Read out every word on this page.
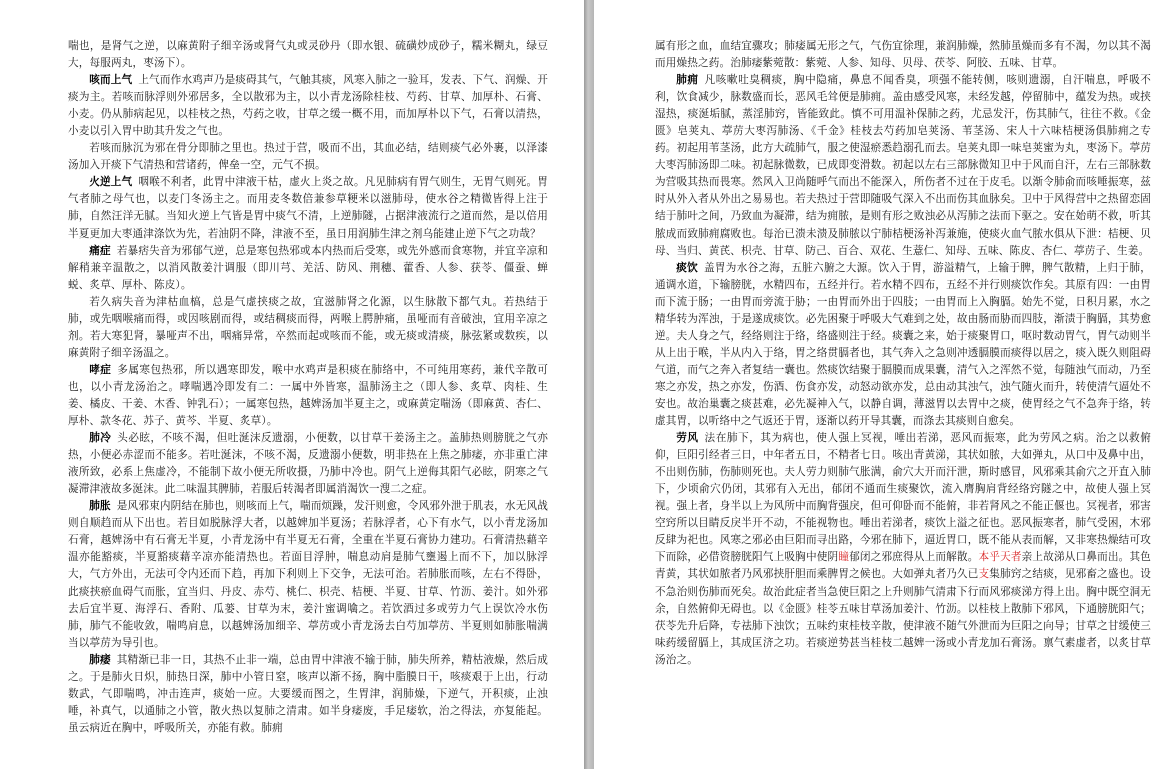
喘也，是肾气之逆，以麻黄附子细辛汤或肾气丸或灵砂丹（即水银、硫磺炒成砂子，糯米糊丸，绿豆大，每服两丸，枣汤下）。

咳而上气 上气而作水鸡声乃是痰碍其气，气触其痰，风寒入肺之一验耳，发表、下气、润燥、开痰为主。若咳而脉浮则外邪居多，全以散邪为主，以小青龙汤除桂枝、芍药、甘草、加厚朴、石膏、小麦。仍从肺病起见，以桂枝之热，芍药之收，甘草之缓一概不用，而加厚朴以下气，石膏以清热，小麦以引入胃中助其升发之气也。

若咳而脉沉为邪在骨分即肺之里也。热过于营，吸而不出，其血必结，结则痰气必外裹，以泽漆汤加入开痰下气清热和营诸药，俾垒一空，元气不损。

火逆上气 咽喉不利者，此胃中津液干枯，虚火上炎之故。凡见肺病有胃气则生，无胃气则死。胃气者肺之母气也，以麦门冬汤主之。而用麦冬数倍兼参草粳米以滋肺母，使水谷之精微皆得上注于肺，自然汪洋无腻。当知火逆上气皆是胃中痰气不清，上逆肺隧，占据津液流行之道而然，是以倍用半夏更加大枣通津涤饮为先，若油阴不降，津液不至，虽日用润肺生津之剂乌能建止逆下气之功哉？

痛症 若暴痞失音为邪郁气逆，总是寒包热邪或本内热而后受寒，或先外感而食寒物，并宜辛凉和解稍兼辛温散之，以消风散姜汁调服（即川芎、羌活、防风、荆穗、藿香、人参、获苓、僵蚕、蝉蜕、炙草、厚朴、陈皮）。

若久病失音为津枯血槁，总是气虚挟痰之故，宜滋肺肾之化源，以生脉散下都气丸。若热结于肺，或先咽喉痛而得，或因咳剧而得，或结稠痰而得，两喉上腭肿痛，虽哑而有音破浊，宜用辛凉之剂。若大寒犯肾，暴哑声不出，咽痛异常，卒然而起或咳而不能，或无痰或清痰，脉弦紧或数疾，以麻黄附子细辛汤温之。

哮症 多属寒包热邪，所以遇寒即发，喉中水鸡声是积痰在肺络中，不可纯用寒药，兼代辛散可也，以小青龙汤治之。哮喘遇冷即发有二：一属中外皆寒，温肺汤主之（即人参、炙草、肉桂、生姜、橘皮、干姜、木香、钟乳石）；一属寒包热，越婢汤加半夏主之，或麻黄定喘汤（即麻黄、杏仁、厚朴、款冬花、苏子、黄芩、半夏、炙草）。

肺冷 头必眩，不咳不渴，但吐涎沫反遗溺，小便数，以甘草干姜汤主之。盖肺热则膀胱之气亦热，小便必赤涩而不能多。若吐涎沫，不咳不渴，反遗溺小便数，明非热在上焦之肺痿，亦非重亡津液所致，必系上焦虚冷，不能制下故小便无所收摄，乃肺中冷也。阴气上逆侮其阳气必眩，阴寒之气凝滞津液故多涎沫。此二味温其脾肺，若服后转渴者即属消渴饮一溲二之症。

肺胀 是风邪束内阴结在肺也，则咳而上气，喘而烦躁，发汗则愈，令风邪外泄于肌表，水无风战则自顺趋而从下出也。若目如脱脉浮大者，以越婢加半夏汤；若脉浮者，心下有水气，以小青龙汤加石膏，越婢汤中有石膏无半夏，小青龙汤中有半夏无石膏，全重在半夏石膏协力建功。石膏清热藉辛温亦能豁痰，半夏豁痰藉辛凉亦能清热也。若面目浮肿，喘息动肩是肺气壅遏上而不下，加以脉浮大，气方外出，无法可令内还而下趋，再加下利则上下交争，无法可治。若肺胀而咳，左右不得卧，此痰挟瘀血碍气而胀，宜当归、丹皮、赤芍、桃仁、枳壳、桔梗、半夏、甘草、竹沥、姜汁。如外邪去后宜半夏、海浮石、香附、瓜蒌、甘草为末，姜汁蜜调噙之。若饮酒过多或劳力气上误饮冷水伤肺，肺气不能收敛，喘鸣肩息，以越婢汤加细辛、葶苈或小青龙汤去白芍加葶苈、半夏则如肺胀喘满当以葶苈为导引也。

肺痿 其精渐已非一日，其热不止非一端，总由胃中津液不输于肺，肺失所养，精枯液燥，然后成之。于是肺火日炽，肺热日深，肺中小管日窒，咳声以渐不扬，胸中脂膜日干，咳痰艰于上出，行动数武，气即喘鸣，冲击连声，痰始一应。大要缓而图之，生胃津，润肺燥，下逆气，开积痰，止浊唾，补真气，以通肺之小管，散火热以复肺之清肃。如半身痿废，手足痿软，治之得法，亦复能起。虽云病近在胸中，呼吸所关，亦能有救。肺痈

属有形之血，血结宜骤攻；肺痿属无形之气，气伤宜徐理，兼润肺燥，然肺虽燥而多有不渴，勿以其不渴而用燥热之药。治肺痿紫菀散：紫菀、人参、知母、贝母、茯苓、阿胶、五味、甘草。

肺痈 凡咳嗽吐臭稠痰，胸中隐痛，鼻息不闻香臭，项强不能转侧，咳则遗溺，自汗喘息，呼吸不利，饮食减少，脉数盛而长，恶风毛耸便是肺痈。盖由感受风寒，未经发越，停留肺中，蕴发为热。或挟湿热，痰涎垢腻，蒸淫肺窍，皆能致此。慎不可用温补保肺之药，尤忌发汗，伤其肺气，往往不救。《金匮》皂荚丸、葶苈大枣泻肺汤、《千金》桂枝去芍药加皂荚汤、苇茎汤、宋人十六味桔梗汤俱肺痈之专药。初起用苇茎汤，此方大疏肺气，服之使湿瘀悉趋溺孔而去。皂荚丸即一味皂荚蜜为丸，枣汤下。葶苈大枣泻肺汤即二味。初起脉微数，已成即变滑数。初起以左右三部脉微知卫中于风而自汗，左右三部脉数为营吸其热而畏寒。然风入卫尚随呼气而出不能深入，所伤者不过在于皮毛。以渐令肺俞而咳唾振寒，兹时从外入者从外出之易易也。若夫热过于营即随吸气深入不出而伤其血脉矣。卫中于风得营中之热留恋固结于肺叶之间，乃致血为凝滞，结为痈脓，是则有形之败浊必从泻肺之法而下驱之。安在始萌不救，听其脓成而致肺痈腐败也。每治已溃未溃及肺脓以宁肺桔梗汤补泻兼施，使痰火血气脓水俱从下泄：桔梗、贝母、当归、黄芪、枳壳、甘草、防己、百合、双花、生薏仁、知母、五味、陈皮、杏仁、葶苈子、生姜。

痰饮 盖胃为水谷之海，五脏六腑之大源。饮入于胃，游溢精气，上输于脾，脾气散精，上归于肺，通调水道，下输膀胱，水精四布，五经并行。若水精不四布，五经不并行则痰饮作矣。其原有四：一由胃而下流于肠；一由胃而旁流于胁；一由胃而外出于四肢；一由胃而上入胸膈。始先不觉，日积月累，水之精华转为浑浊，于是遂成痰饮。必先困聚于呼吸大气难到之处，故由肠而胁而四肢，渐渍于胸膈，其势愈逆。夫人身之气，经络则注于络，络盛则注于经。痰囊之来，始于痰聚胃口，呕时数动胃气，胃气动则半从上出于喉，半从内入于络，胃之络贯膈者也，其气奔入之急则冲透膈膜而痰得以居之，痰入既久则阻碍气道，而气之奔入者复结一囊也。然痰饮结聚于膈膜而成果囊，清气入之浑然不觉，每随浊气而动，乃至寒之亦发，热之亦发，伤酒、伤食亦发，动怒动欲亦发，总由动其浊气，浊气随火而升，转使清气逼处不安也。故治巢囊之痰甚难，必先凝神入气，以静自调，薄滋胃以去胃中之痰，使胃经之气不急奔于络，转虚其胃，以听络中之气返还于胃，逐渐以药开导其囊，而涤去其痰则自愈矣。

劳风 法在肺下，其为病也，使人强上冥视，唾出若涕，恶风而振寒，此为劳风之病。治之以救俯仰，巨阳引经者三日，中年者五日，不精者七日。咳出青黄涕，其状如脓，大如弹丸，从口中及鼻中出，不出则伤肺，伤肺则死也。夫人劳力则肺气胀满，俞穴大开而汗泄，斯时感冒，风邪乘其俞穴之开直入肺下，少顷俞穴仍闭，其邪有入无出，郁闭不通而生痰聚饮，流入膺胸肩背经络窍隧之中，故使人强上冥视。强上者，身半以上为风所中而胸背强戾，但可仰卧而不能俯，非若肾风之不能正偃也。冥视者，邪害空窍所以目睛反戾半开不动，不能视物也。唾出若涕者，痰饮上溢之征也。恶风振寒者，肺气受困，木邪反肆为祀也。风寒之邪必由巨阳而寻出路，今邪在肺下，逼近胃口，既不能从表而解，又非寒热燥结可攻下而除，必借资膀胱阳气上吸胸中使阴瞳郁闭之邪庶得从上而解散。本乎天者亲上故涕从口鼻而出。其色青黄，其状如脓者乃风邪挟肝胆而乘脾胃之候也。大如弹丸者乃久已支集肺窍之结痰，见邪畜之盛也。设不急治则伤肺而死矣。故治此症者当急使巨阳之上升则肺气清肃下行而风邪痰涕方得上出。胸中既空洞无余，自然俯仰无碍也。以《金匮》桂苓五味甘草汤加姜汁、竹沥。以桂枝上散肺下邪风，下通膀胱阳气；茯苓先升后降，专祛肺下浊饮；五味约束桂枝辛散，使津液不随气外泄而为巨阳之向导；甘草之甘缓使三味药缓留膈上，其成匡济之功。若痰逆势甚当桂枝二越婢一汤或小青龙加石膏汤。禀气素虚者，以炙甘草汤治之。
